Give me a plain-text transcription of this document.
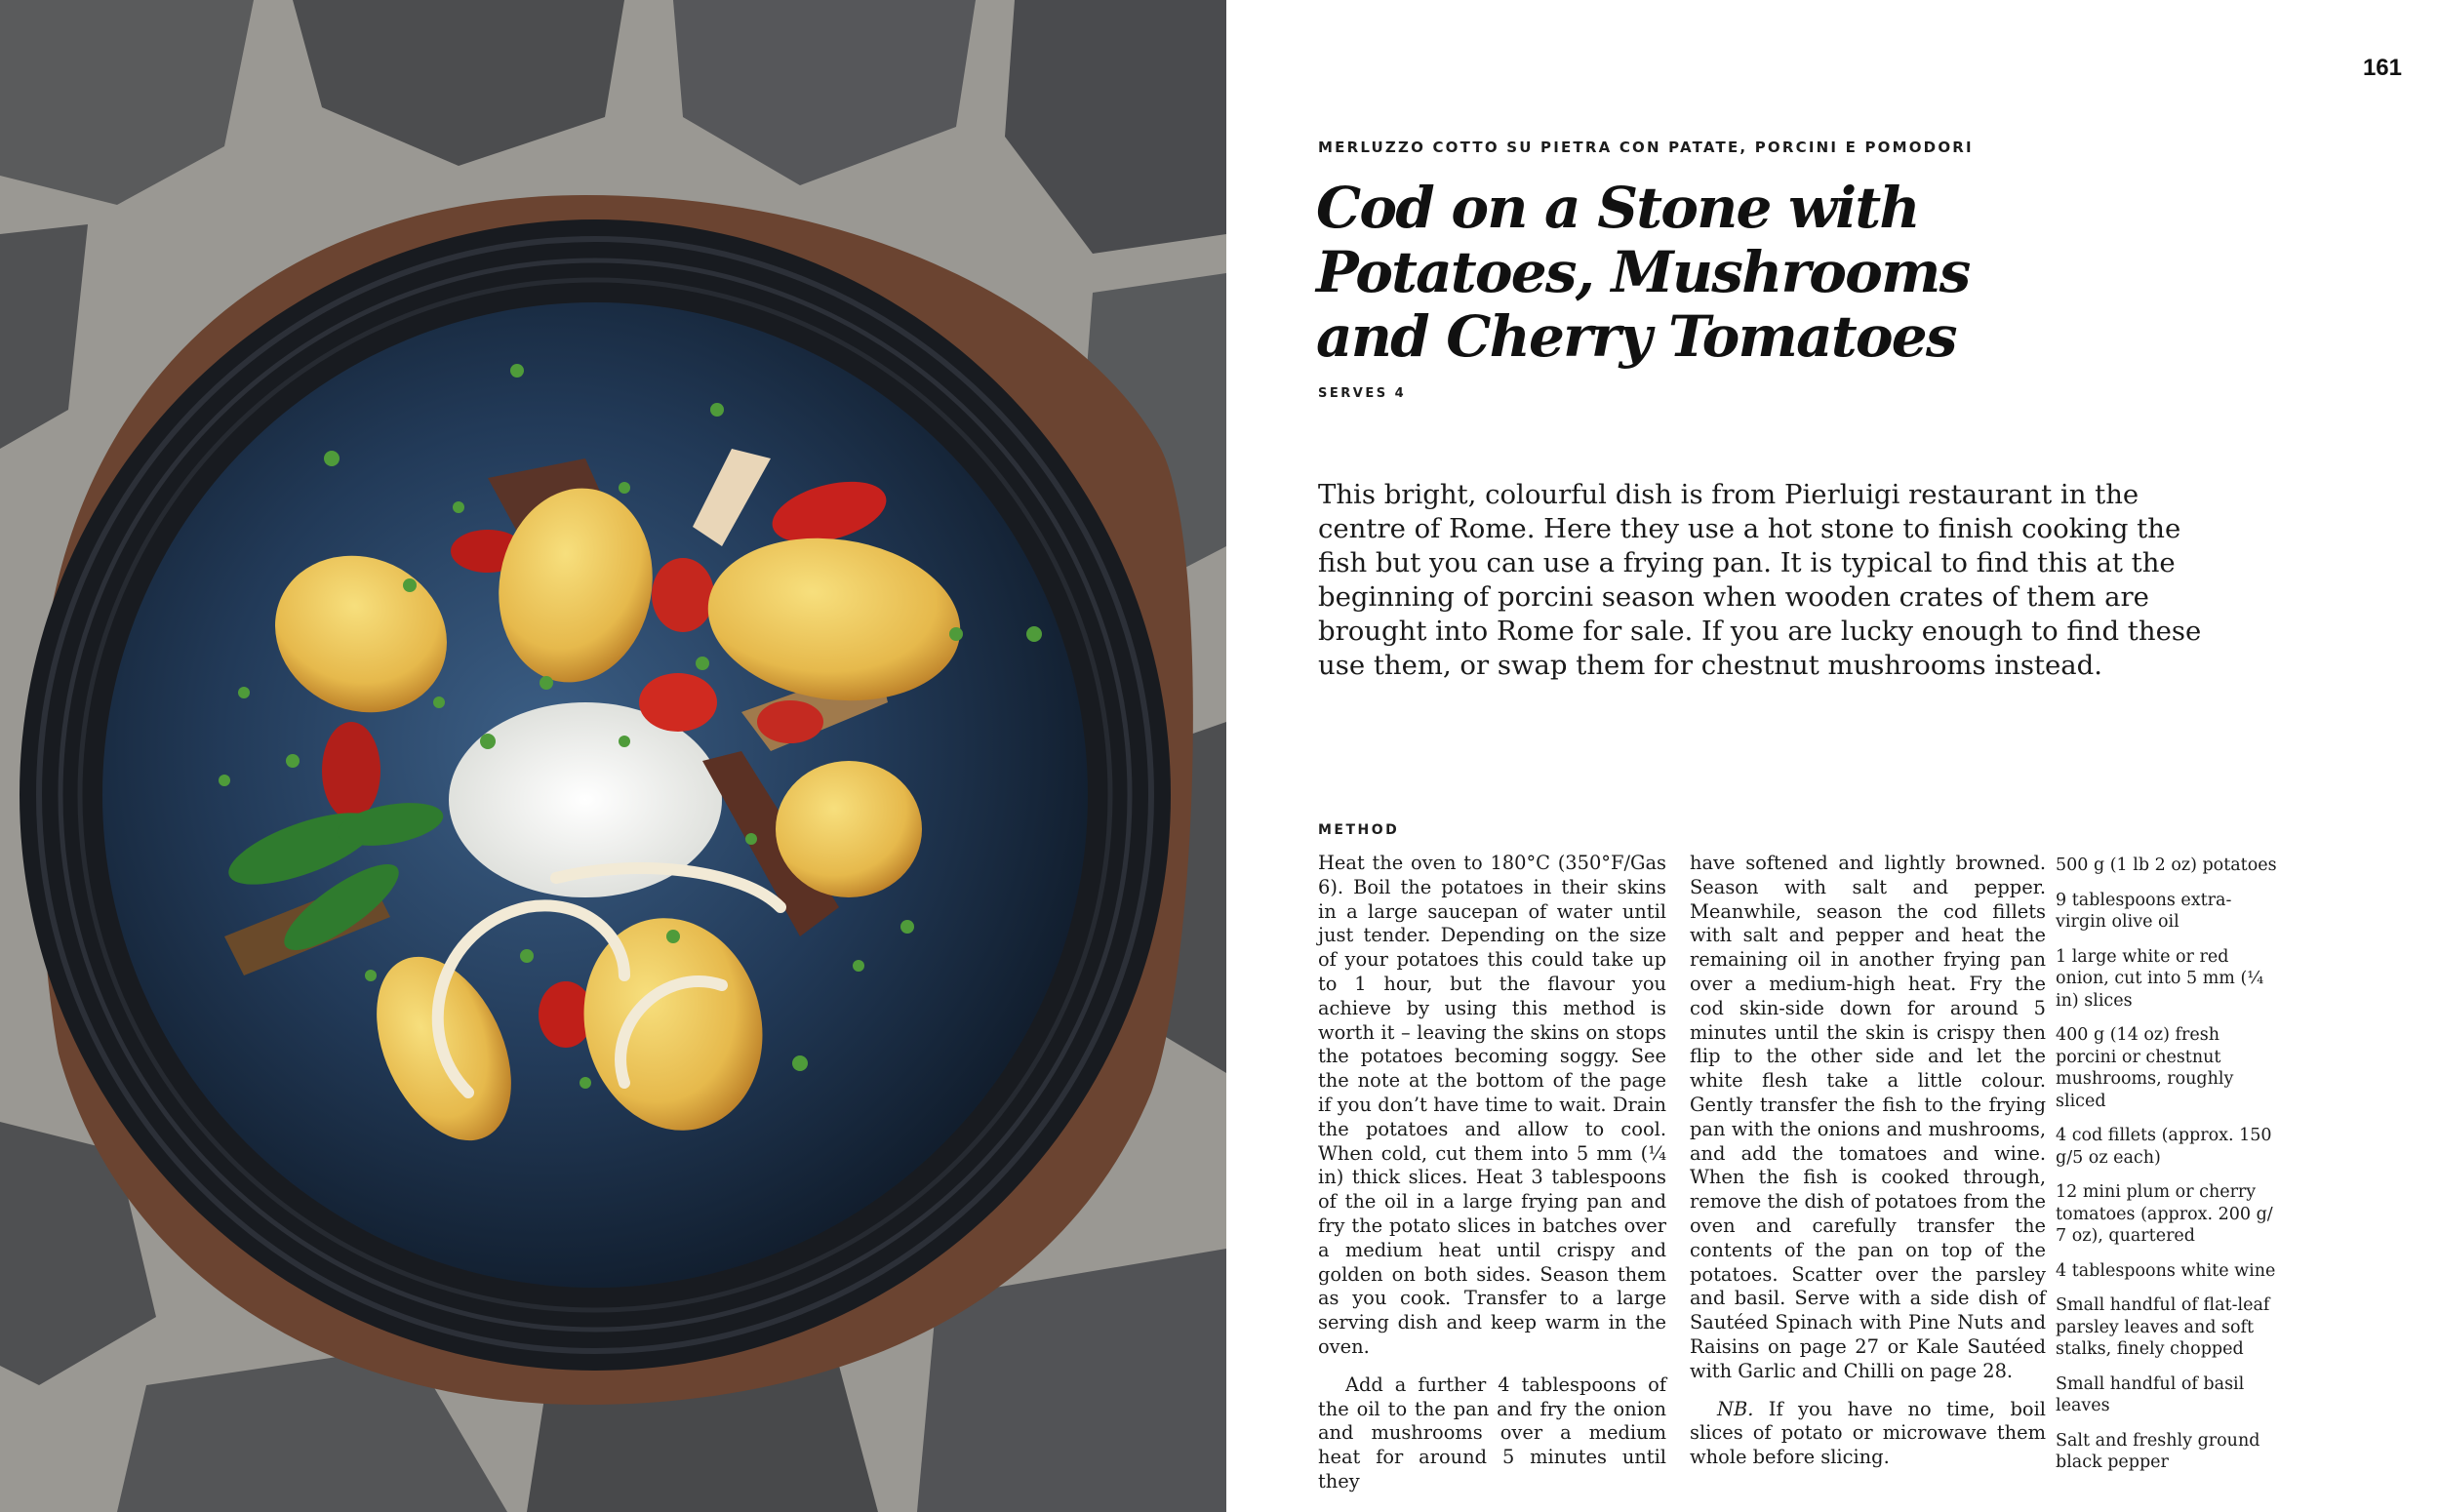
161
MERLUZZO COTTO SU PIETRA CON PATATE, PORCINI E POMODORI
Cod on a Stone with Potatoes, Mushrooms and Cherry Tomatoes
SERVES 4

This bright, colourful dish is from Pierluigi restaurant in the centre of Rome. Here they use a hot stone to finish cooking the fish but you can use a frying pan. It is typical to find this at the beginning of porcini season when wooden crates of them are brought into Rome for sale. If you are lucky enough to find these use them, or swap them for chestnut mushrooms instead.

METHOD

Heat the oven to 180°C (350°F/Gas 6). Boil the potatoes in their skins in a large saucepan of water until just tender. Depending on the size of your potatoes this could take up to 1 hour, but the flavour you achieve by using this method is worth it – leaving the skins on stops the potatoes becoming soggy. See the note at the bottom of the page if you don’t have time to wait. Drain the potatoes and allow to cool. When cold, cut them into 5 mm (¼ in) thick slices. Heat 3 tablespoons of the oil in a large frying pan and fry the potato slices in batches over a medium heat until crispy and golden on both sides. Season them as you cook. Transfer to a large serving dish and keep warm in the oven.

Add a further 4 tablespoons of the oil to the pan and fry the onion and mushrooms over a medium heat for around 5 minutes until they

have softened and lightly browned. Season with salt and pepper. Meanwhile, season the cod fillets with salt and pepper and heat the remaining oil in another frying pan over a medium-high heat. Fry the cod skin-side down for around 5 minutes until the skin is crispy then flip to the other side and let the white flesh take a little colour. Gently transfer the fish to the frying pan with the onions and mushrooms, and add the tomatoes and wine. When the fish is cooked through, remove the dish of potatoes from the oven and carefully transfer the contents of the pan on top of the potatoes. Scatter over the parsley and basil. Serve with a side dish of Sautéed Spinach with Pine Nuts and Raisins on page 27 or Kale Sautéed with Garlic and Chilli on page 28.

NB. If you have no time, boil slices of potato or microwave them whole before slicing.

500 g (1 lb 2 oz) potatoes
9 tablespoons extra-virgin olive oil
1 large white or red onion, cut into 5 mm (¼ in) slices
400 g (14 oz) fresh porcini or chestnut mushrooms, roughly sliced
4 cod fillets (approx. 150 g/5 oz each)
12 mini plum or cherry tomatoes (approx. 200 g/ 7 oz), quartered
4 tablespoons white wine
Small handful of flat-leaf parsley leaves and soft stalks, finely chopped
Small handful of basil leaves
Salt and freshly ground black pepper
